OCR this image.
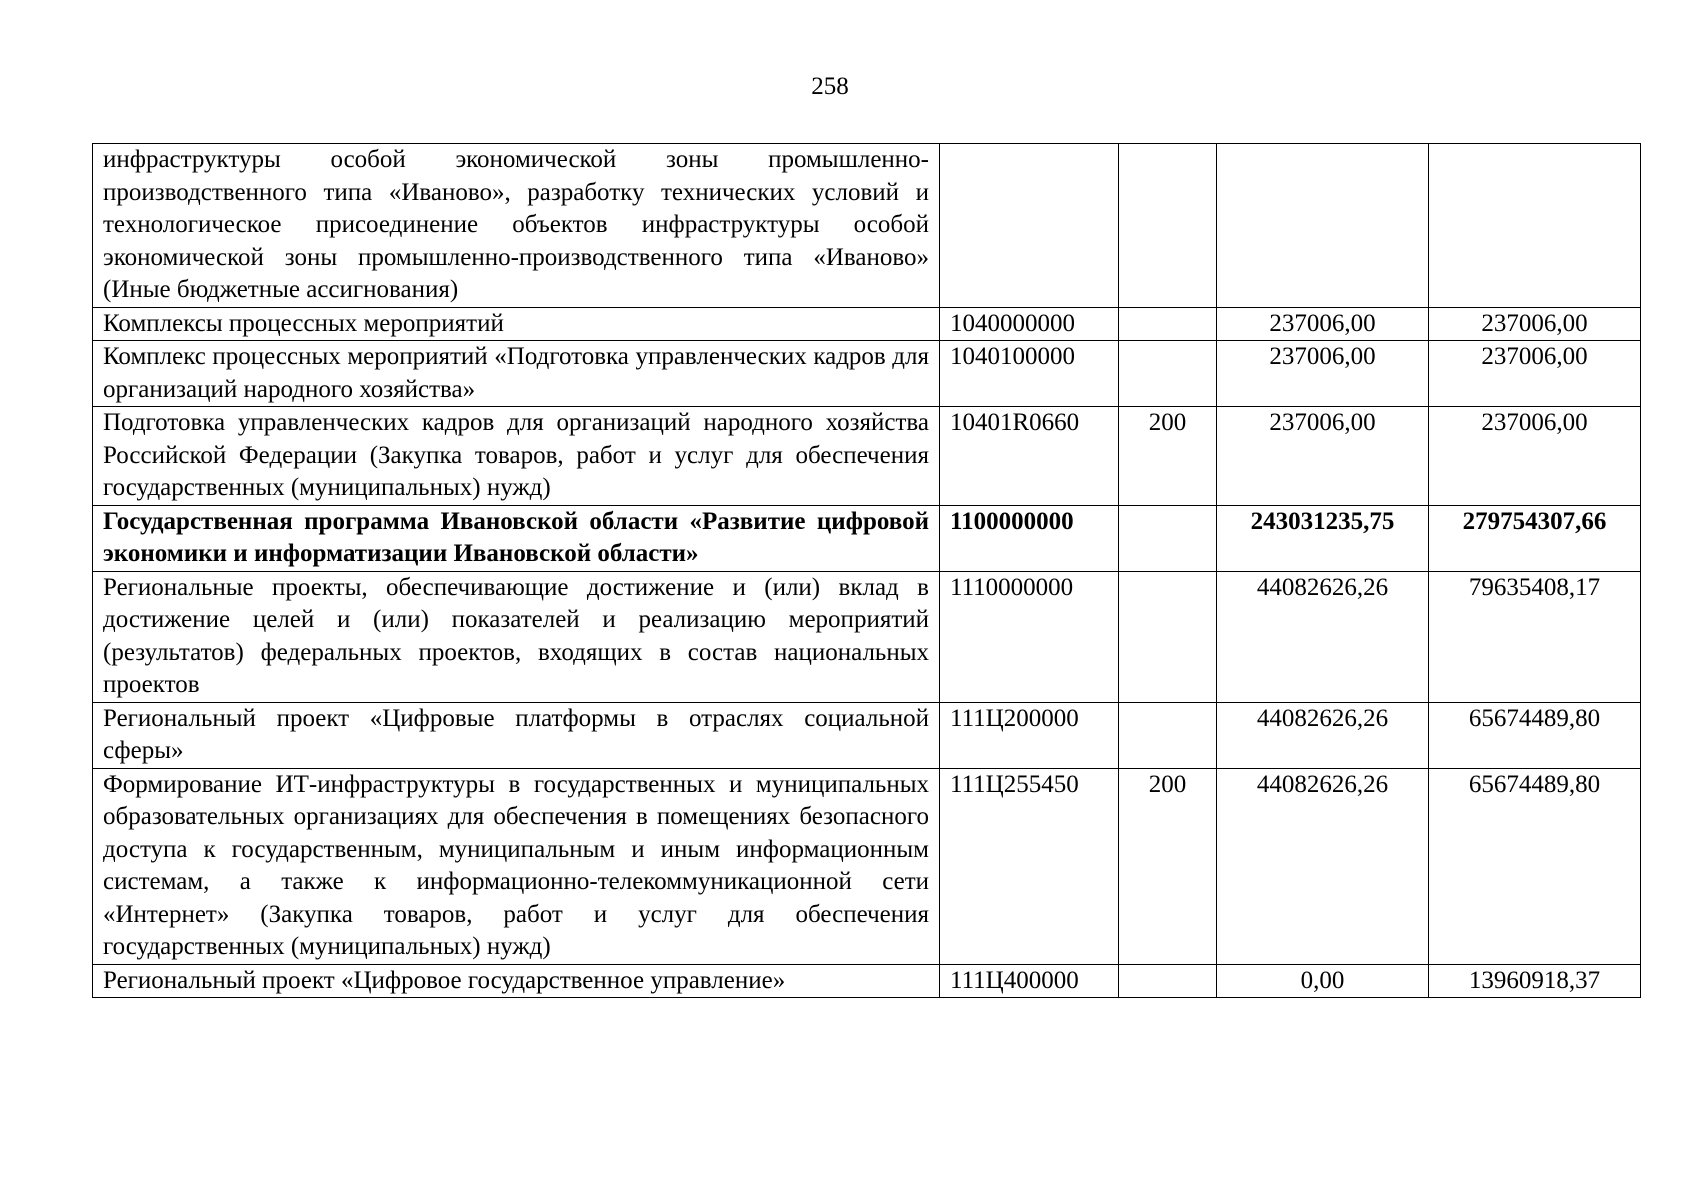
258
инфраструктуры особой экономической зоны промышленно-производственного типа «Иваново», разработку технических условий и технологическое присоединение объектов инфраструктуры особой экономической зоны промышленно-производственного типа «Иваново» (Иные бюджетные ассигнования)				
Комплексы процессных мероприятий	1040000000		237006,00	237006,00
Комплекс процессных мероприятий «Подготовка управленческих кадров для организаций народного хозяйства»	1040100000		237006,00	237006,00
Подготовка управленческих кадров для организаций народного хозяйства Российской Федерации (Закупка товаров, работ и услуг для обеспечения государственных (муниципальных) нужд)	10401R0660	200	237006,00	237006,00
Государственная программа Ивановской области «Развитие цифровой экономики и информатизации Ивановской области»	1100000000		243031235,75	279754307,66
Региональные проекты, обеспечивающие достижение и (или) вклад в достижение целей и (или) показателей и реализацию мероприятий (результатов) федеральных проектов, входящих в состав национальных проектов	1110000000		44082626,26	79635408,17
Региональный проект «Цифровые платформы в отраслях социальной сферы»	111Ц200000		44082626,26	65674489,80
Формирование ИТ-инфраструктуры в государственных и муниципальных образовательных организациях для обеспечения в помещениях безопасного доступа к государственным, муниципальным и иным информационным системам, а также к информационно-телекоммуникационной сети «Интернет» (Закупка товаров, работ и услуг для обеспечения государственных (муниципальных) нужд)	111Ц255450	200	44082626,26	65674489,80
Региональный проект «Цифровое государственное управление»	111Ц400000		0,00	13960918,37
